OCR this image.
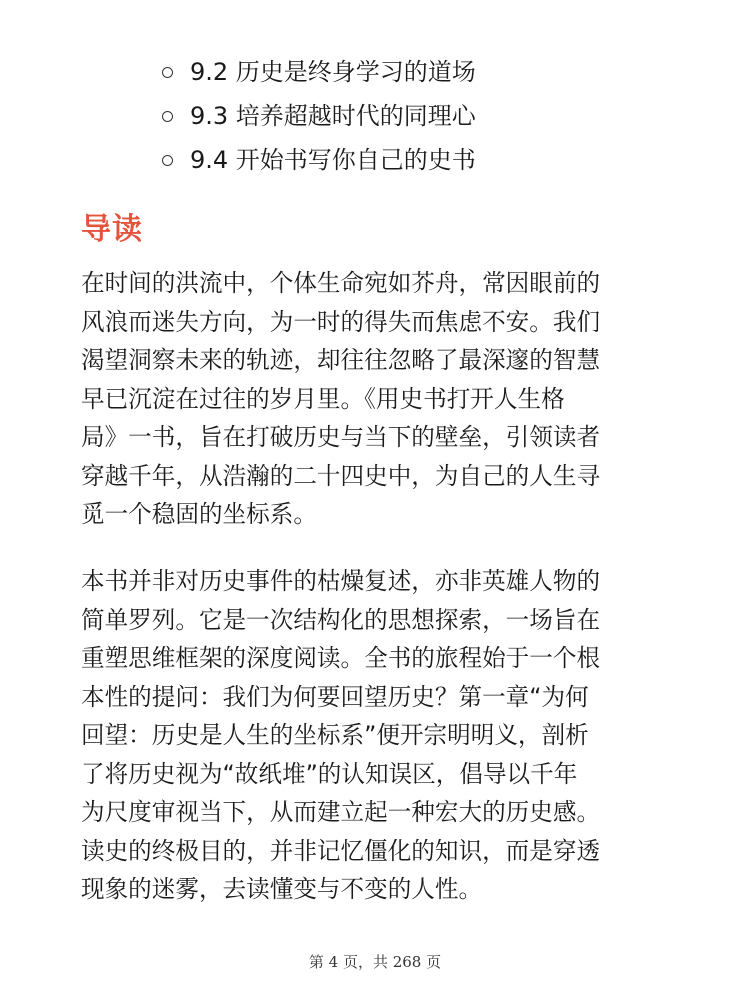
9.2 历史是终身学习的道场
9.3 培养超越时代的同理心
9.4 开始书写你自己的史书
导读

在时间的洪流中，个体生命宛如芥舟，常因眼前的
风浪而迷失方向，为一时的得失而焦虑不安。我们
渴望洞察未来的轨迹，却往往忽略了最深邃的智慧
早已沉淀在过往的岁月里。《用史书打开人生格
局》一书，旨在打破历史与当下的壁垒，引领读者
穿越千年，从浩瀚的二十四史中，为自己的人生寻
觅一个稳固的坐标系。

本书并非对历史事件的枯燥复述，亦非英雄人物的
简单罗列。它是一次结构化的思想探索，一场旨在
重塑思维框架的深度阅读。全书的旅程始于一个根
本性的提问：我们为何要回望历史？第一章“为何
回望：历史是人生的坐标系”便开宗明明义，剖析
了将历史视为“故纸堆”的认知误区，倡导以千年
为尺度审视当下，从而建立起一种宏大的历史感。
读史的终极目的，并非记忆僵化的知识，而是穿透
现象的迷雾，去读懂变与不变的人性。

第 4 页，共 268 页
